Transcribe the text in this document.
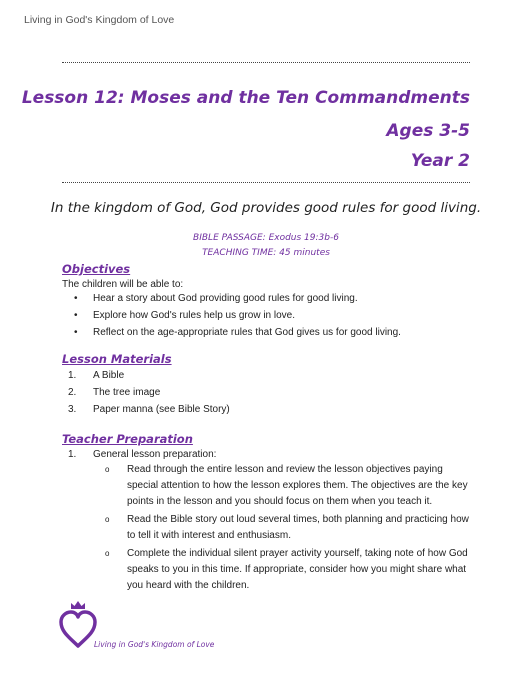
Living in God's Kingdom of Love
Lesson 12: Moses and the Ten Commandments
Ages 3-5
Year 2
In the kingdom of God, God provides good rules for good living.
BIBLE PASSAGE: Exodus 19:3b-6
TEACHING TIME: 45 minutes
Objectives
The children will be able to:
• Hear a story about God providing good rules for good living.
• Explore how God's rules help us grow in love.
• Reflect on the age-appropriate rules that God gives us for good living.
Lesson Materials
1. A Bible
2. The tree image
3. Paper manna (see Bible Story)
Teacher Preparation
1. General lesson preparation:
o Read through the entire lesson and review the lesson objectives paying special attention to how the lesson explores them. The objectives are the key points in the lesson and you should focus on them when you teach it.
o Read the Bible story out loud several times, both planning and practicing how to tell it with interest and enthusiasm.
o Complete the individual silent prayer activity yourself, taking note of how God speaks to you in this time. If appropriate, consider how you might share what you heard with the children.
Living in God's Kingdom of Love
